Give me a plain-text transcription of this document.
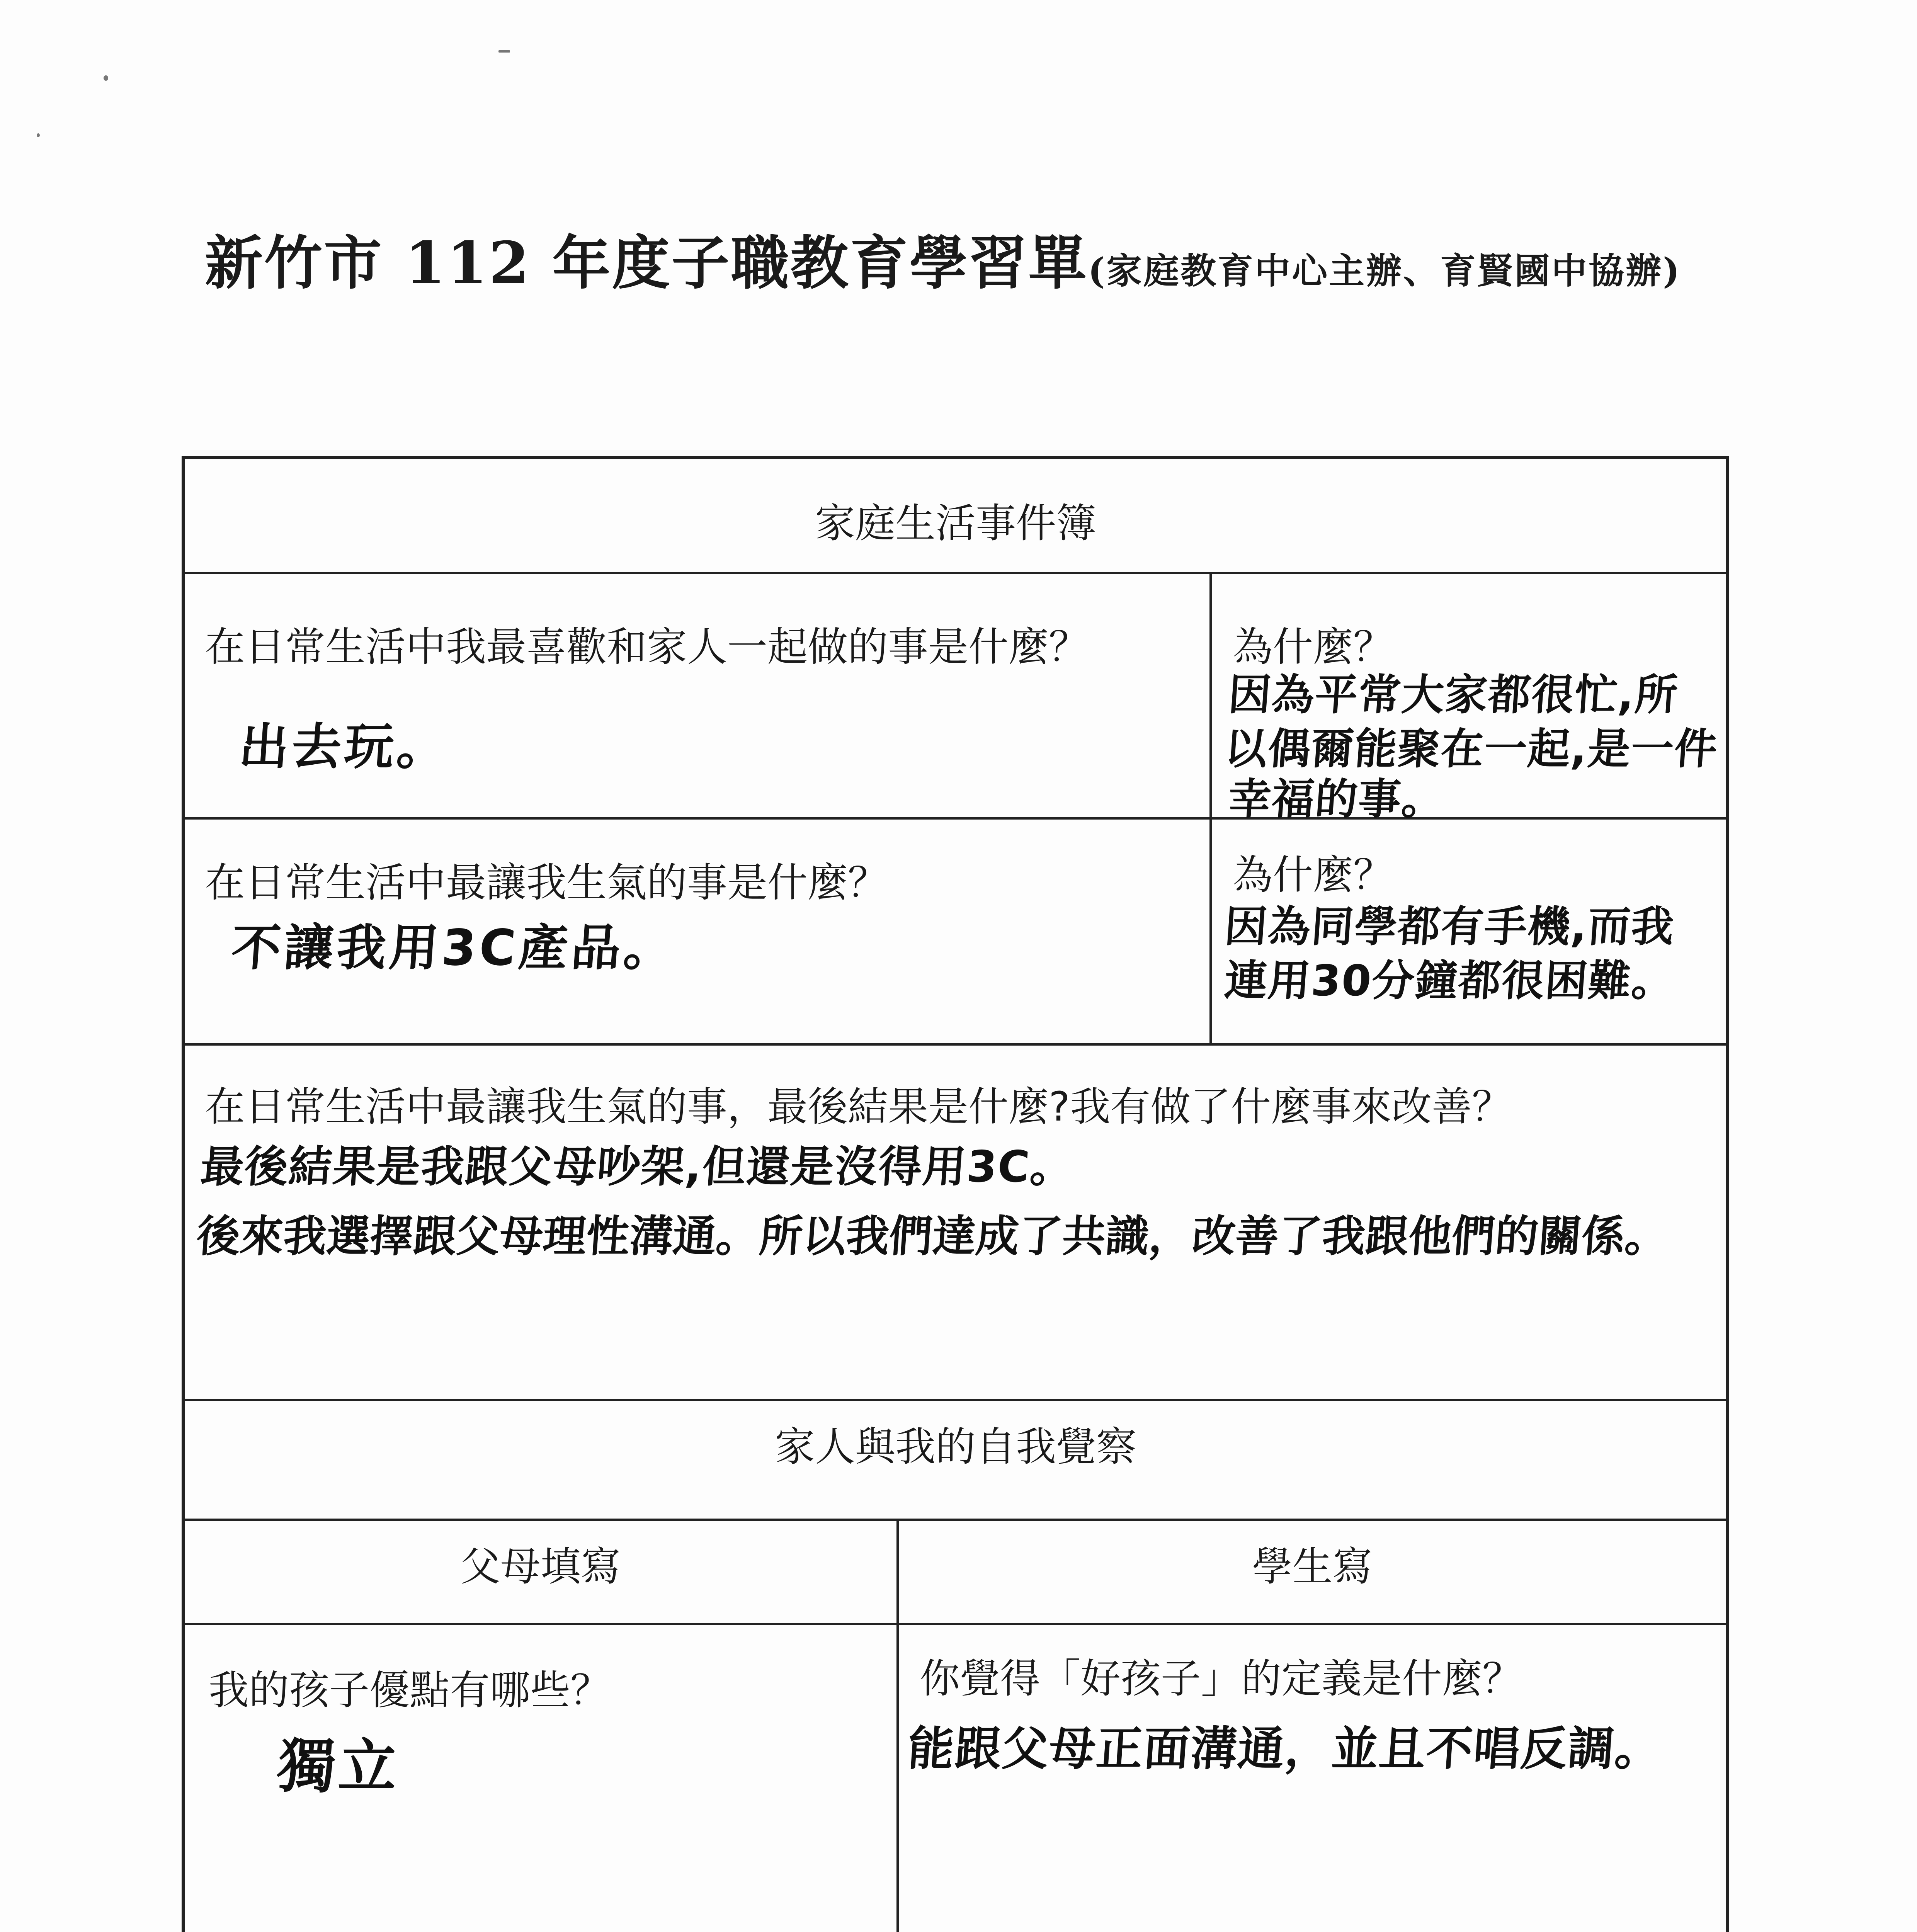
新竹市 112 年度子職教育學習單(家庭教育中心主辦、育賢國中協辦)
家庭生活事件簿
在日常生活中我最喜歡和家人一起做的事是什麼？
出去玩。
為什麼？
因為平常大家都很忙,所
以偶爾能聚在一起,是一件
幸福的事。
在日常生活中最讓我生氣的事是什麼？
不讓我用3C產品。
為什麼？
因為同學都有手機,而我
連用30分鐘都很困難。
在日常生活中最讓我生氣的事，最後結果是什麼?我有做了什麼事來改善？
最後結果是我跟父母吵架,但還是沒得用3C。
後來我選擇跟父母理性溝通。所以我們達成了共識，改善了我跟他們的關係。
家人與我的自我覺察
父母填寫	學生寫
我的孩子優點有哪些？
獨立
你覺得「好孩子」的定義是什麼？
能跟父母正面溝通，並且不唱反調。
